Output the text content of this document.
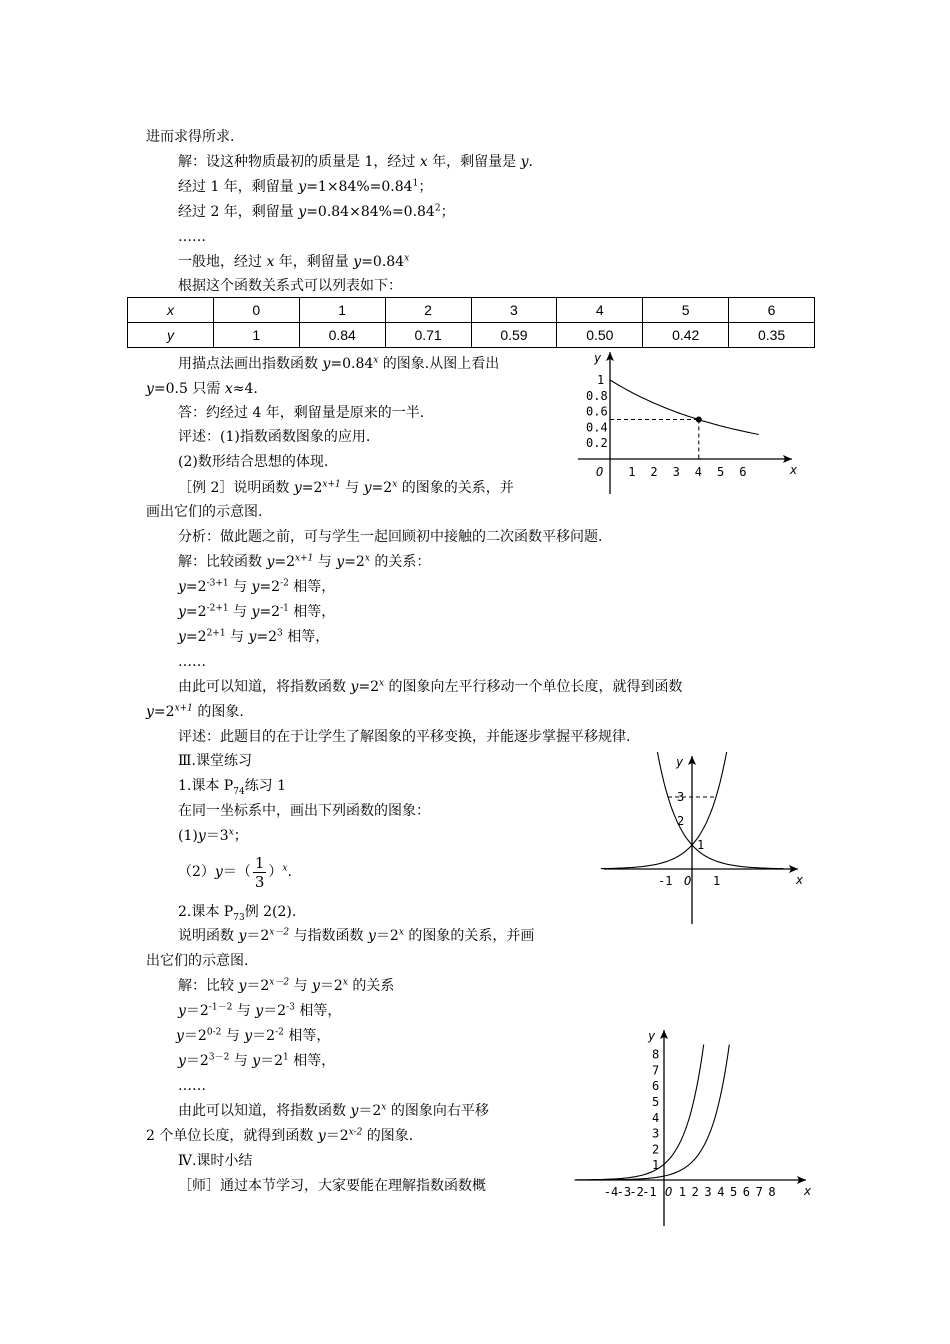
进而求得所求.
解：设这种物质最初的质量是 1，经过 x 年，剩留量是 y.
经过 1 年，剩留量 $y=1\times 84\%=0.84^1$；
经过 2 年，剩留量 $y=0.84\times 84\%=0.84^2$；
……
一般地，经过 x 年，剩留量 $y=0.84^x$
根据这个函数关系式可以列表如下：
x	0	1	2	3	4	5	6
y	1	0.84	0.71	0.59	0.50	0.42	0.35
用描点法画出指数函数 $y=0.84^x$ 的图象.从图上看出
y=0.5 只需 x≈4.
答：约经过 4 年，剩留量是原来的一半.
评述：(1)指数函数图象的应用.
(2)数形结合思想的体现.
［例 2］说明函数 $y=2^{x+1}$ 与 $y=2^x$ 的图象的关系，并
画出它们的示意图.
分析：做此题之前，可与学生一起回顾初中接触的二次函数平移问题.
解：比较函数 $y=2^{x+1}$ 与 $y=2^x$ 的关系：
$y=2^{-3+1}$ 与 $y=2^{-2}$ 相等，
$y=2^{-2+1}$ 与 $y=2^{-1}$ 相等，
$y=2^{2+1}$ 与 $y=2^3$ 相等，
……
由此可以知道，将指数函数 $y=2^x$ 的图象向左平行移动一个单位长度，就得到函数
$y=2^{x+1}$ 的图象.
评述：此题目的在于让学生了解图象的平移变换，并能逐步掌握平移规律.
Ⅲ.课堂练习
1.课本 $P_{74}$练习 1
在同一坐标系中，画出下列函数的图象：
$(1)y=3^x$；
$(2)y=( \frac{1}{3} )^x$.
2.课本 $P_{73}$例 2(2).
说明函数 $y=2^{x-2}$ 与指数函数 $y=2^x$ 的图象的关系，并画
出它们的示意图.
解：比较 $y=2^{x-2}$ 与 $y=2^x$ 的关系
$y=2^{-1-2}$ 与 $y=2^{-3}$ 相等，
$y=2^{0-2}$ 与 $y=2^{-2}$ 相等，
$y=2^{3-2}$ 与 $y=2^1$ 相等，
……
由此可以知道，将指数函数 $y=2^x$ 的图象向右平移
2 个单位长度，就得到函数 $y=2^{x-2}$ 的图象.
Ⅳ.课时小结
［师］通过本节学习，大家要能在理解指数函数概
x
y
0.2
0.4
0.6
0.8
1
O 1 2 3 4 5 6
x
y
1
2
3
-1 O 1
x
y
1
2
3
4
5
6
7
8
-4
-3
-2
-1 O 1 2 3 4 5 6 7 8
